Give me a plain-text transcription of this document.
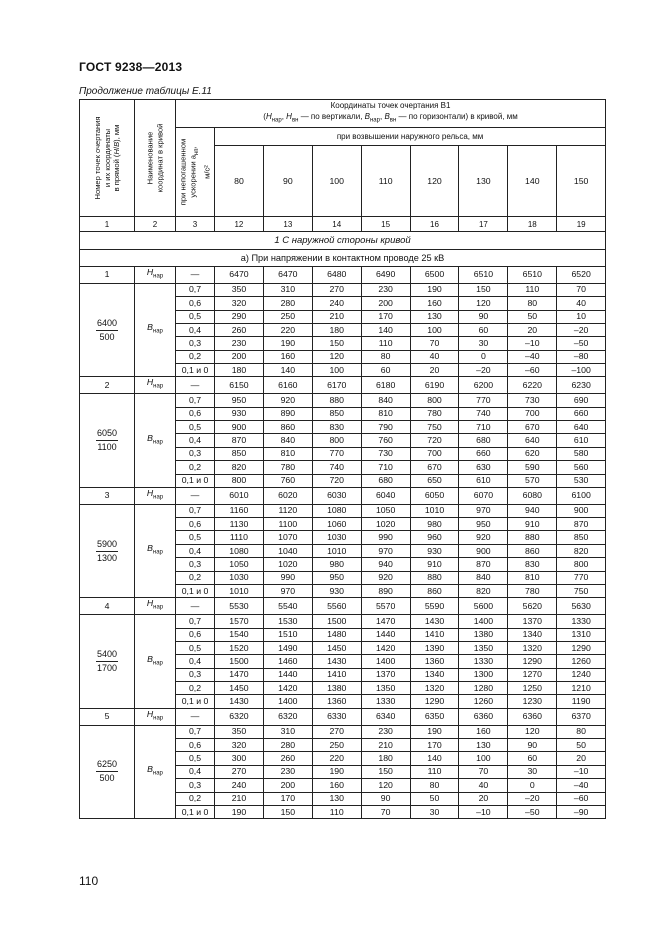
ГОСТ 9238—2013
Продолжение таблицы Е.11
Номер точек очертания
и их координаты
в прямой (H/B), мм	Наименование
координат в кривой	Координаты точек очертания В1
($H_{нар}$, $H_{вн}$ — по вертикали, $B_{нар}$, $B_{вн}$ — по горизонтали) в кривой, мм								

		при непогашенном
ускорении $a_{нп}$,
м/с²	при возвышении наружного рельса, мм							
			80	90	100	110	120	130	140	150
1	2	3	12	13	14	15	16	17	18	19
1 С наружной стороны кривой										
а) При напряжении в контактном проводе 25 кВ										
1	$H_{нар}$	—	6470	6470	6480	6490	6500	6510	6510	6520

$\frac{6400}{500}$	$B_{нар}$	0,7	350	310	270	230	190	150	110	70
		0,6	320	280	240	200	160	120	80	40
		0,5	290	250	210	170	130	90	50	10
		0,4	260	220	180	140	100	60	20	–20
		0,3	230	190	150	110	70	30	–10	–50
		0,2	200	160	120	80	40	0	–40	–80
		0,1 и 0	180	140	100	60	20	–20	–60	–100
2	$H_{нар}$	—	6150	6160	6170	6180	6190	6200	6220	6230

$\frac{6050}{1100}$	$B_{нар}$	0,7	950	920	880	840	800	770	730	690
		0,6	930	890	850	810	780	740	700	660
		0,5	900	860	830	790	750	710	670	640
		0,4	870	840	800	760	720	680	640	610
		0,3	850	810	770	730	700	660	620	580
		0,2	820	780	740	710	670	630	590	560
		0,1 и 0	800	760	720	680	650	610	570	530
3	$H_{нар}$	—	6010	6020	6030	6040	6050	6070	6080	6100

$\frac{5900}{1300}$	$B_{нар}$	0,7	1160	1120	1080	1050	1010	970	940	900
		0,6	1130	1100	1060	1020	980	950	910	870
		0,5	1110	1070	1030	990	960	920	880	850
		0,4	1080	1040	1010	970	930	900	860	820
		0,3	1050	1020	980	940	910	870	830	800
		0,2	1030	990	950	920	880	840	810	770
		0,1 и 0	1010	970	930	890	860	820	780	750
4	$H_{нар}$	—	5530	5540	5560	5570	5590	5600	5620	5630

$\frac{5400}{1700}$	$B_{нар}$	0,7	1570	1530	1500	1470	1430	1400	1370	1330
		0,6	1540	1510	1480	1440	1410	1380	1340	1310
		0,5	1520	1490	1450	1420	1390	1350	1320	1290
		0,4	1500	1460	1430	1400	1360	1330	1290	1260
		0,3	1470	1440	1410	1370	1340	1300	1270	1240
		0,2	1450	1420	1380	1350	1320	1280	1250	1210
		0,1 и 0	1430	1400	1360	1330	1290	1260	1230	1190
5	$H_{нар}$	—	6320	6320	6330	6340	6350	6360	6360	6370

$\frac{6250}{500}$	$B_{нар}$	0,7	350	310	270	230	190	160	120	80
		0,6	320	280	250	210	170	130	90	50
		0,5	300	260	220	180	140	100	60	20
		0,4	270	230	190	150	110	70	30	–10
		0,3	240	200	160	120	80	40	0	–40
		0,2	210	170	130	90	50	20	–20	–60
		0,1 и 0	190	150	110	70	30	–10	–50	–90
110
